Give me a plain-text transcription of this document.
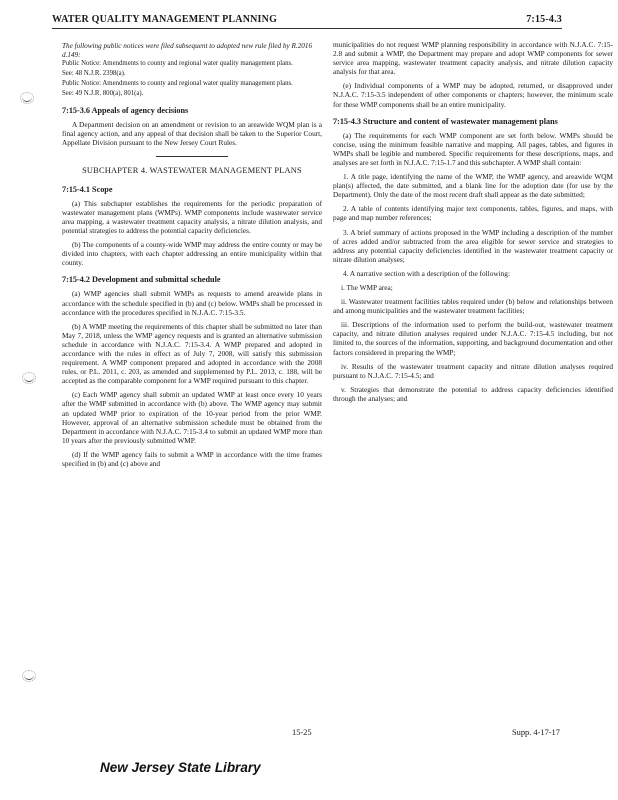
WATER QUALITY MANAGEMENT PLANNING	7:15-4.3

The following public notices were filed subsequent to adopted new rule filed by R.2016 d.149:

Public Notice: Amendments to county and regional water quality management plans.

See: 48 N.J.R. 2398(a).

Public Notice: Amendments to county and regional water quality management plans.

See: 49 N.J.R. 800(a), 801(a).

7:15-3.6 Appeals of agency decisions

A Department decision on an amendment or revision to an areawide WQM plan is a final agency action, and any appeal of that decision shall be taken to the Superior Court, Appellate Division pursuant to the New Jersey Court Rules.

SUBCHAPTER 4. WASTEWATER MANAGEMENT PLANS
7:15-4.1 Scope

(a) This subchapter establishes the requirements for the periodic preparation of wastewater management plans (WMPs). WMP components include wastewater service area mapping, a wastewater treatment capacity analysis, a nitrate dilution analysis, and potential strategies to address the potential capacity deficiencies.

(b) The components of a county-wide WMP may address the entire county or may be divided into chapters, with each chapter addressing an entire municipality within that county.

7:15-4.2 Development and submittal schedule

(a) WMP agencies shall submit WMPs as requests to amend areawide plans in accordance with the schedule specified in (b) and (c) below. WMPs shall be processed in accordance with the procedures specified in N.J.A.C. 7:15-3.5.

(b) A WMP meeting the requirements of this chapter shall be submitted no later than May 7, 2018, unless the WMP agency requests and is granted an alternative submission schedule in accordance with N.J.A.C. 7:15-3.4. A WMP prepared and adopted in accordance with the rules in effect as of July 7, 2008, will satisfy this submission requirement. A WMP component prepared and adopted in accordance with the 2008 rules, or P.L. 2011, c. 203, as amended and supplemented by P.L. 2013, c. 188, will be accepted as the comparable component for a WMP required pursuant to this chapter.

(c) Each WMP agency shall submit an updated WMP at least once every 10 years after the WMP submitted in accordance with (b) above. The WMP agency may submit an updated WMP prior to expiration of the 10-year period from the prior WMP. However, approval of an alternative submission schedule must be obtained from the Department in accordance with N.J.A.C. 7:15-3.4 to submit an updated WMP more than 10 years after the previously submitted WMP.

(d) If the WMP agency fails to submit a WMP in accordance with the time frames specified in (b) and (c) above and

municipalities do not request WMP planning responsibility in accordance with N.J.A.C. 7:15-2.8 and submit a WMP, the Department may prepare and adopt WMP components for sewer service area mapping, wastewater treatment capacity analysis, and nitrate dilution capacity analysis for that area.

(e) Individual components of a WMP may be adopted, returned, or disapproved under N.J.A.C. 7:15-3.5 independent of other components or chapters; however, the minimum scale for these WMP components shall be an entire municipality.

7:15-4.3 Structure and content of wastewater management plans

(a) The requirements for each WMP component are set forth below. WMPs should be concise, using the minimum feasible narrative and mapping. All pages, tables, and figures in WMPs shall be legible and numbered. Specific requirements for these descriptions, maps, and analyses are set forth in N.J.A.C. 7:15-1.7 and this subchapter. A WMP shall contain:

1. A title page, identifying the name of the WMP, the WMP agency, and areawide WQM plan(s) affected, the date submitted, and a blank line for the adoption date (for use by the Department). Only the date of the most recent draft shall appear as the date submitted;

2. A table of contents identifying major text components, tables, figures, and maps, with page and map number references;

3. A brief summary of actions proposed in the WMP including a description of the number of acres added and/or subtracted from the area eligible for sewer service and strategies to address any potential capacity deficiencies identified in the wastewater treatment capacity or nitrate dilution analyses;

4. A narrative section with a description of the following:

i. The WMP area;

ii. Wastewater treatment facilities tables required under (b) below and relationships between and among municipalities and the wastewater treatment facilities;

iii. Descriptions of the information used to perform the build-out, wastewater treatment capacity, and nitrate dilution analyses required under N.J.A.C. 7:15-4.5 including, but not limited to, the sources of the information, supporting, and background documentation and other factors considered in preparing the WMP;

iv. Results of the wastewater treatment capacity and nitrate dilution analyses required pursuant to N.J.A.C. 7:15-4.5; and

v. Strategies that demonstrate the potential to address capacity deficiencies identified through the analyses; and

15-25	Supp. 4-17-17
New Jersey State Library
